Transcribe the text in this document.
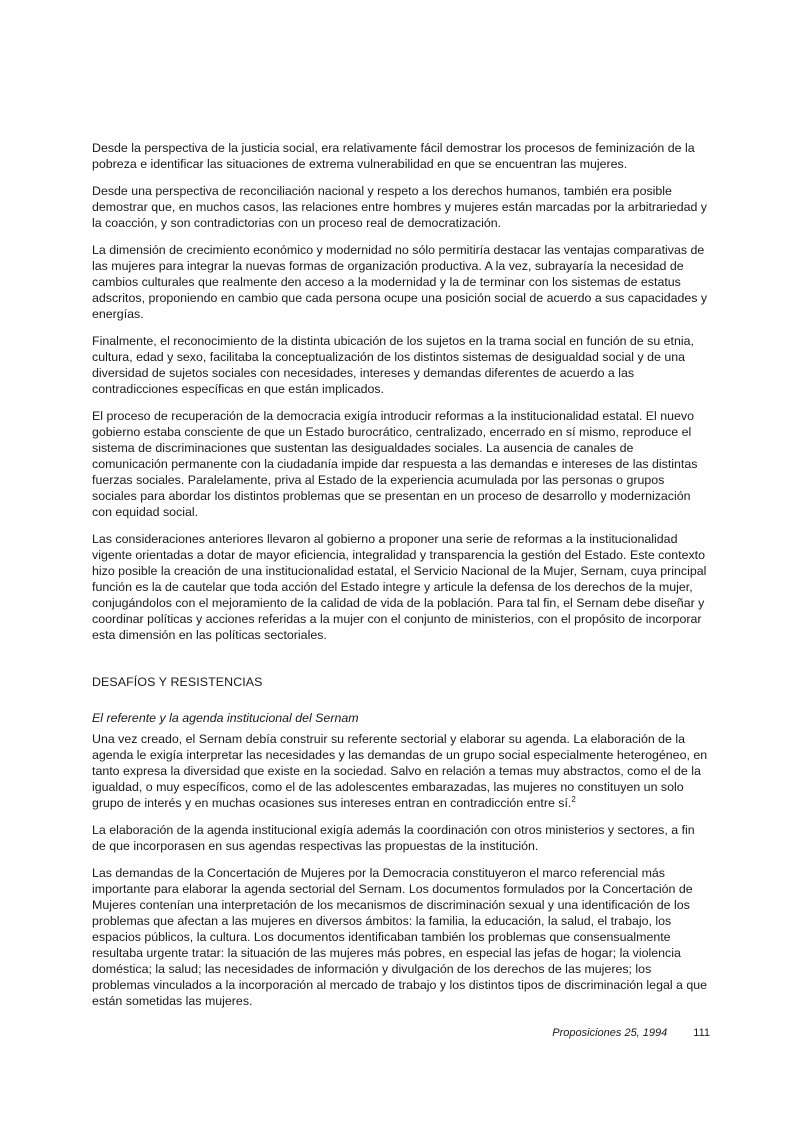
Desde la perspectiva de la justicia social, era relativamente fácil demostrar los procesos de feminización de la pobreza e identificar las situaciones de extrema vulnerabilidad en que se encuentran las mujeres.

Desde una perspectiva de reconciliación nacional y respeto a los derechos humanos, también era posible demostrar que, en muchos casos, las relaciones entre hombres y mujeres están marcadas por la arbitrariedad y la coacción, y son contradictorias con un proceso real de democratización.

La dimensión de crecimiento económico y modernidad no sólo permitiría destacar las ventajas comparativas de las mujeres para integrar la nuevas formas de organización productiva. A la vez, subrayaría la necesidad de cambios culturales que realmente den acceso a la modernidad y la de terminar con los sistemas de estatus adscritos, proponiendo en cambio que cada persona ocupe una posición social de acuerdo a sus capacidades y energías.

Finalmente, el reconocimiento de la distinta ubicación de los sujetos en la trama social en función de su etnia, cultura, edad y sexo, facilitaba la conceptualización de los distintos sistemas de desigualdad social y de una diversidad de sujetos sociales con necesidades, intereses y demandas diferentes de acuerdo a las contradicciones específicas en que están implicados.

El proceso de recuperación de la democracia exigía introducir reformas a la institucionalidad estatal. El nuevo gobierno estaba consciente de que un Estado burocrático, centralizado, encerrado en sí mismo, reproduce el sistema de discriminaciones que sustentan las desigualdades sociales. La ausencia de canales de comunicación permanente con la ciudadanía impide dar respuesta a las demandas e intereses de las distintas fuerzas sociales. Paralelamente, priva al Estado de la experiencia acumulada por las personas o grupos sociales para abordar los distintos problemas que se presentan en un proceso de desarrollo y modernización con equidad social.

Las consideraciones anteriores llevaron al gobierno a proponer una serie de reformas a la institucionalidad vigente orientadas a dotar de mayor eficiencia, integralidad y transparencia la gestión del Estado. Este contexto hizo posible la creación de una institucionalidad estatal, el Servicio Nacional de la Mujer, Sernam, cuya principal función es la de cautelar que toda acción del Estado integre y articule la defensa de los derechos de la mujer, conjugándolos con el mejoramiento de la calidad de vida de la población. Para tal fin, el Sernam debe diseñar y coordinar políticas y acciones referidas a la mujer con el conjunto de ministerios, con el propósito de incorporar esta dimensión en las políticas sectoriales.

DESAFÍOS Y RESISTENCIAS
El referente y la agenda institucional del Sernam

Una vez creado, el Sernam debía construir su referente sectorial y elaborar su agenda. La elaboración de la agenda le exigía interpretar las necesidades y las demandas de un grupo social especialmente heterogéneo, en tanto expresa la diversidad que existe en la sociedad. Salvo en relación a temas muy abstractos, como el de la igualdad, o muy específicos, como el de las adolescentes embarazadas, las mujeres no constituyen un solo grupo de interés y en muchas ocasiones sus intereses entran en contradicción entre sí.$^2$

La elaboración de la agenda institucional exigía además la coordinación con otros ministerios y sectores, a fin de que incorporasen en sus agendas respectivas las propuestas de la institución.

Las demandas de la Concertación de Mujeres por la Democracia constituyeron el marco referencial más importante para elaborar la agenda sectorial del Sernam. Los documentos formulados por la Concertación de Mujeres contenían una interpretación de los mecanismos de discriminación sexual y una identificación de los problemas que afectan a las mujeres en diversos ámbitos: la familia, la educación, la salud, el trabajo, los espacios públicos, la cultura. Los documentos identificaban también los problemas que consensualmente resultaba urgente tratar: la situación de las mujeres más pobres, en especial las jefas de hogar; la violencia doméstica; la salud; las necesidades de información y divulgación de los derechos de las mujeres; los problemas vinculados a la incorporación al mercado de trabajo y los distintos tipos de discriminación legal a que están sometidas las mujeres.

Proposiciones 25, 1994 111
